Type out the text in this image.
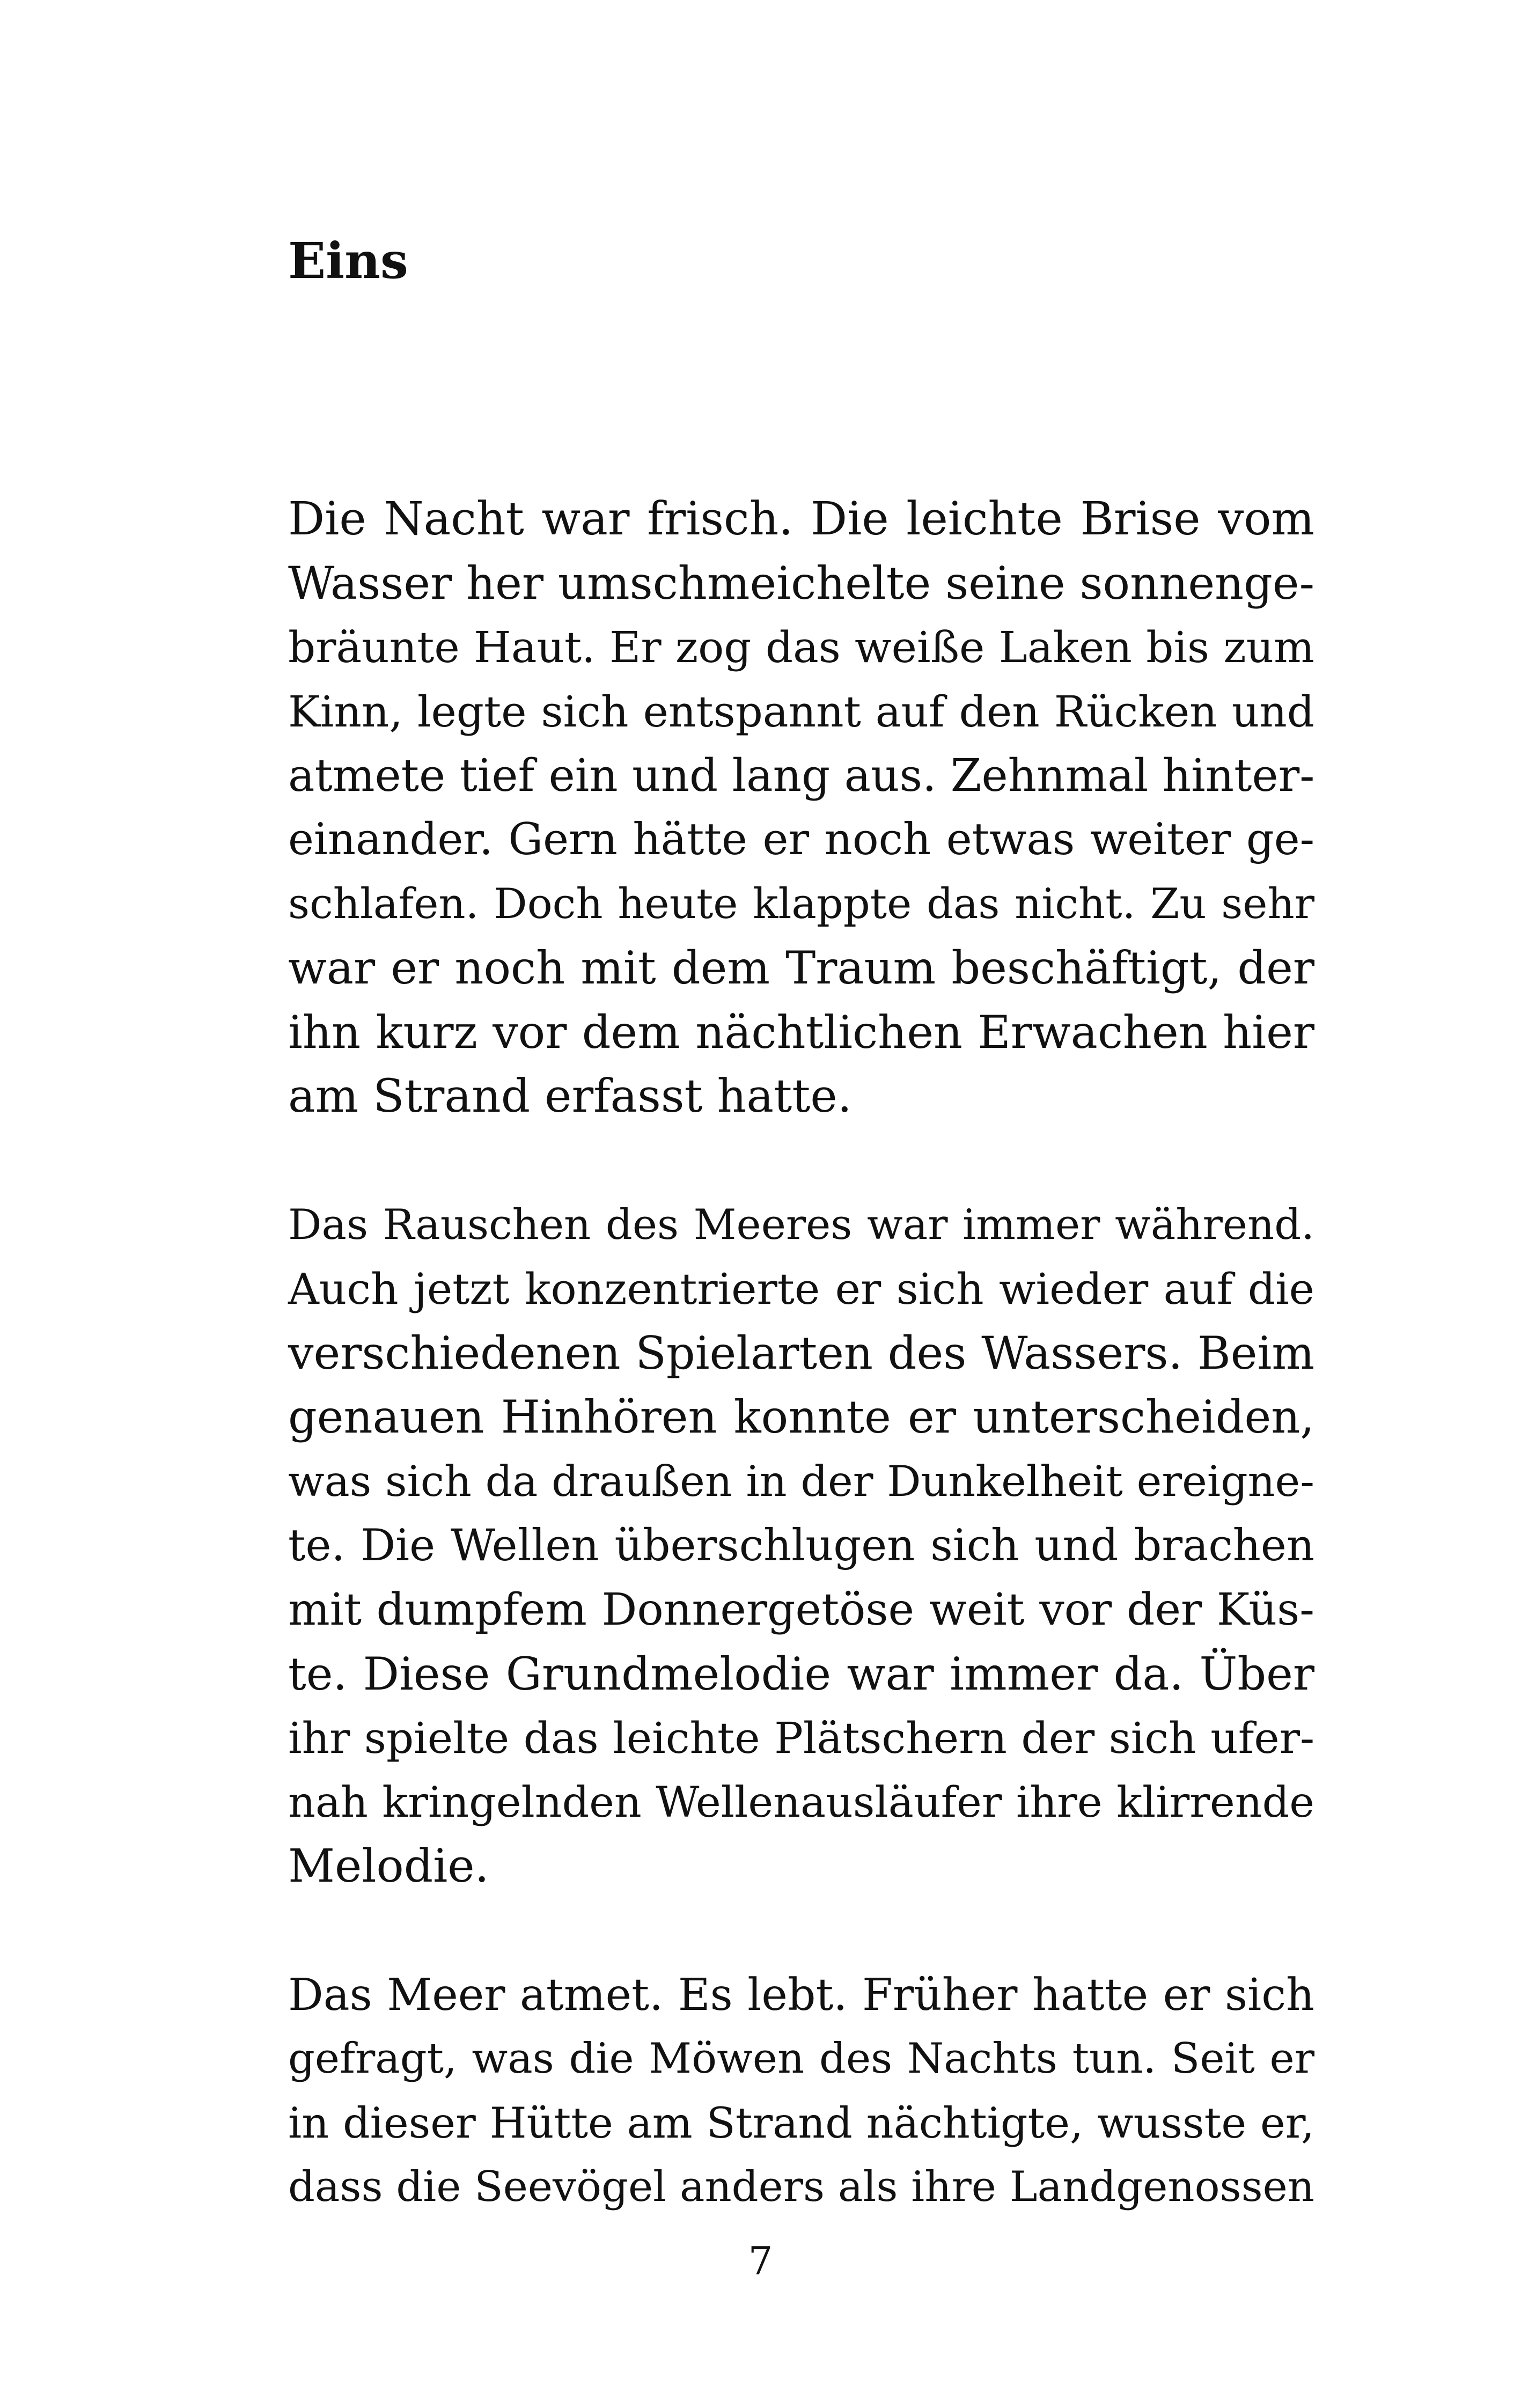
Eins
Die Nacht war frisch. Die leichte Brise vom
Wasser her umschmeichelte seine sonnenge-
bräunte Haut. Er zog das weiße Laken bis zum
Kinn, legte sich entspannt auf den Rücken und
atmete tief ein und lang aus. Zehnmal hinter-
einander. Gern hätte er noch etwas weiter ge-
schlafen. Doch heute klappte das nicht. Zu sehr
war er noch mit dem Traum beschäftigt, der
ihn kurz vor dem nächtlichen Erwachen hier
am Strand erfasst hatte.
Das Rauschen des Meeres war immer während.
Auch jetzt konzentrierte er sich wieder auf die
verschiedenen Spielarten des Wassers. Beim
genauen Hinhören konnte er unterscheiden,
was sich da draußen in der Dunkelheit ereigne-
te. Die Wellen überschlugen sich und brachen
mit dumpfem Donnergetöse weit vor der Küs-
te. Diese Grundmelodie war immer da. Über
ihr spielte das leichte Plätschern der sich ufer-
nah kringelnden Wellenausläufer ihre klirrende
Melodie.
Das Meer atmet. Es lebt. Früher hatte er sich
gefragt, was die Möwen des Nachts tun. Seit er
in dieser Hütte am Strand nächtigte, wusste er,
dass die Seevögel anders als ihre Landgenossen
7
